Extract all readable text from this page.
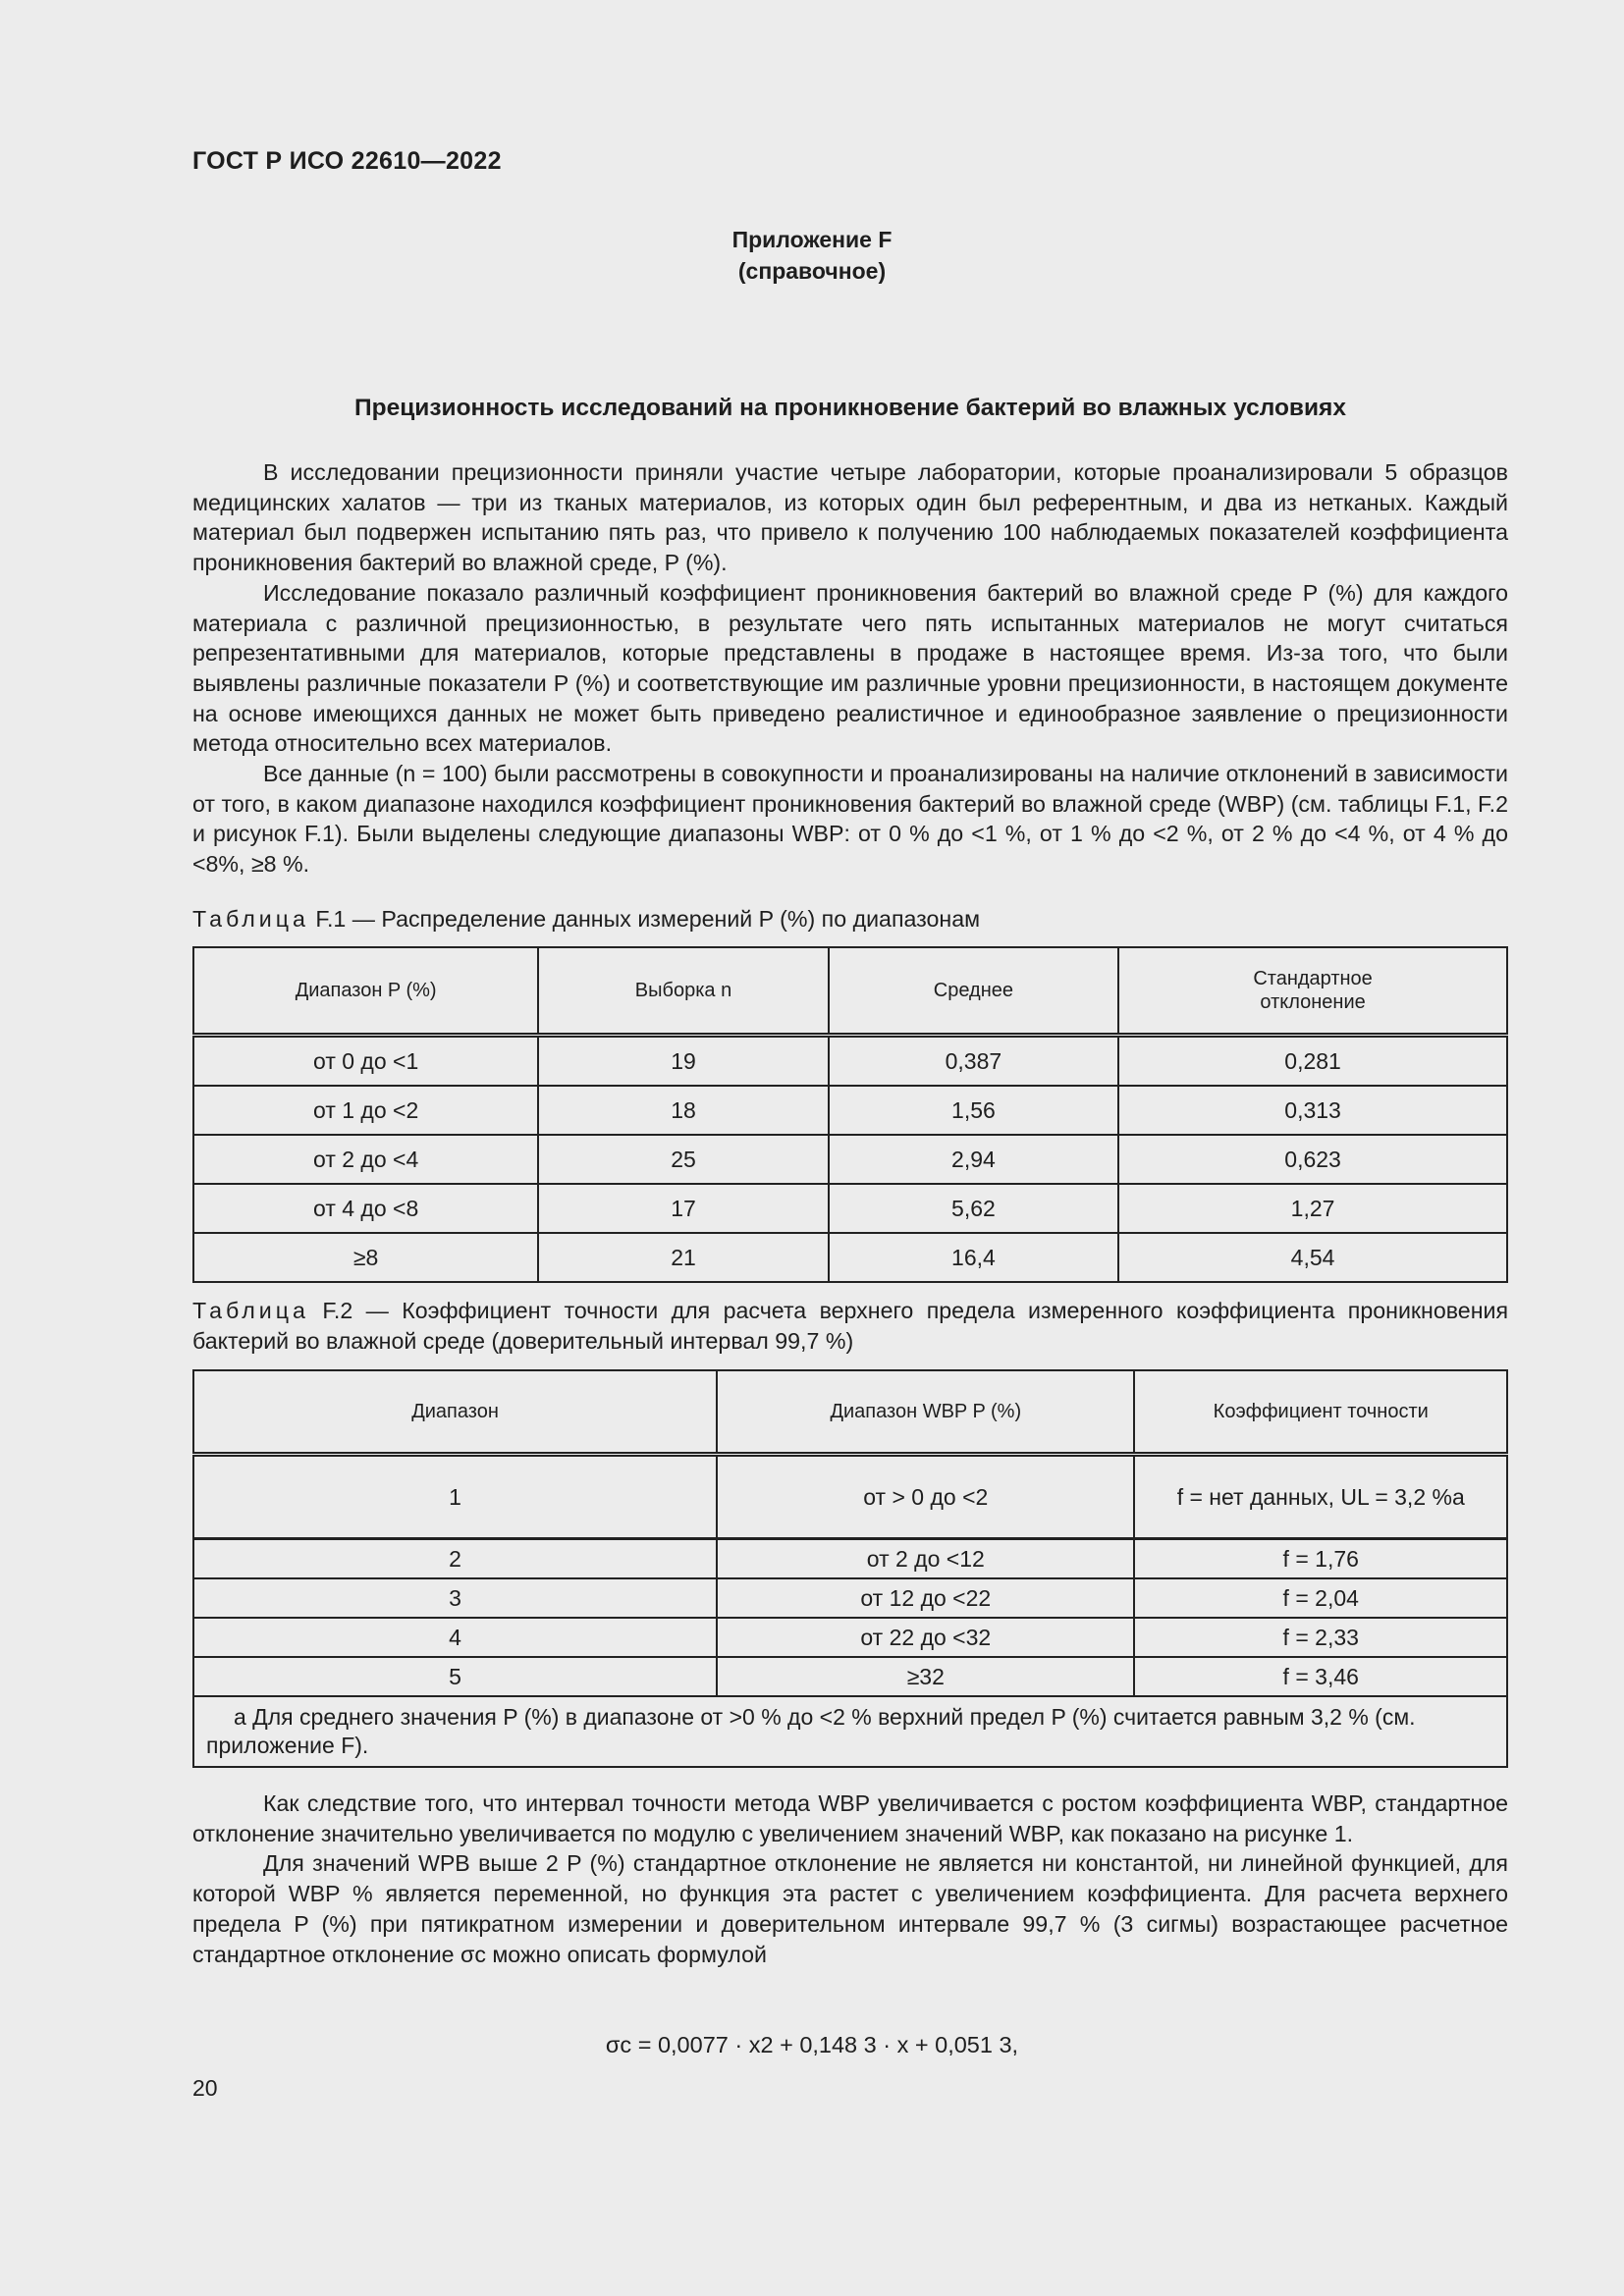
ГОСТ Р ИСО 22610—2022
Приложение F
(справочное)
Прецизионность исследований на проникновение бактерий во влажных условиях

В исследовании прецизионности приняли участие четыре лаборатории, которые проанализировали 5 образцов медицинских халатов — три из тканых материалов, из которых один был референтным, и два из нетканых. Каждый материал был подвержен испытанию пять раз, что привело к получению 100 наблюдаемых показателей коэффициента проникновения бактерий во влажной среде, P (%).

Исследование показало различный коэффициент проникновения бактерий во влажной среде P (%) для каждого материала с различной прецизионностью, в результате чего пять испытанных материалов не могут считаться репрезентативными для материалов, которые представлены в продаже в настоящее время. Из-за того, что были выявлены различные показатели P (%) и соответствующие им различные уровни прецизионности, в настоящем документе на основе имеющихся данных не может быть приведено реалистичное и единообразное заявление о прецизионности метода относительно всех материалов.

Все данные (n = 100) были рассмотрены в совокупности и проанализированы на наличие отклонений в зависимости от того, в каком диапазоне находился коэффициент проникновения бактерий во влажной среде (WBP) (см. таблицы F.1, F.2 и рисунок F.1). Были выделены следующие диапазоны WBP: от 0 % до <1 %, от 1 % до <2 %, от 2 % до <4 %, от 4 % до <8%, ≥8 %.

Таблица F.1 — Распределение данных измерений P (%) по диапазонам
Диапазон P (%)	Выборка n	Среднее	Стандартное отклонение
от 0 до <1	19	0,387	0,281
от 1 до <2	18	1,56	0,313
от 2 до <4	25	2,94	0,623
от 4 до <8	17	5,62	1,27
≥8	21	16,4	4,54
Таблица F.2 — Коэффициент точности для расчета верхнего предела измеренного коэффициента проникновения бактерий во влажной среде (доверительный интервал 99,7 %)
Диапазон	Диапазон WBP P (%)	Коэффициент точности
1	от > 0 до <2	f = нет данных, UL = 3,2 %a
2	от 2 до <12	f = 1,76
3	от 12 до <22	f = 2,04
4	от 22 до <32	f = 2,33
5	≥32	f = 3,46

a Для среднего значения P (%) в диапазоне от >0 % до <2 % верхний предел P (%) считается равным 3,2 % (см. приложение F).		

Как следствие того, что интервал точности метода WBP увеличивается с ростом коэффициента WBP, стандартное отклонение значительно увеличивается по модулю с увеличением значений WBP, как показано на рисунке 1.

Для значений WPB выше 2 P (%) стандартное отклонение не является ни константой, ни линейной функцией, для которой WBP % является переменной, но функция эта растет с увеличением коэффициента. Для расчета верхнего предела P (%) при пятикратном измерении и доверительном интервале 99,7 % (3 сигмы) возрастающее расчетное стандартное отклонение σc можно описать формулой

σc = 0,0077 · x2 + 0,148 3 · x + 0,051 3,
20
